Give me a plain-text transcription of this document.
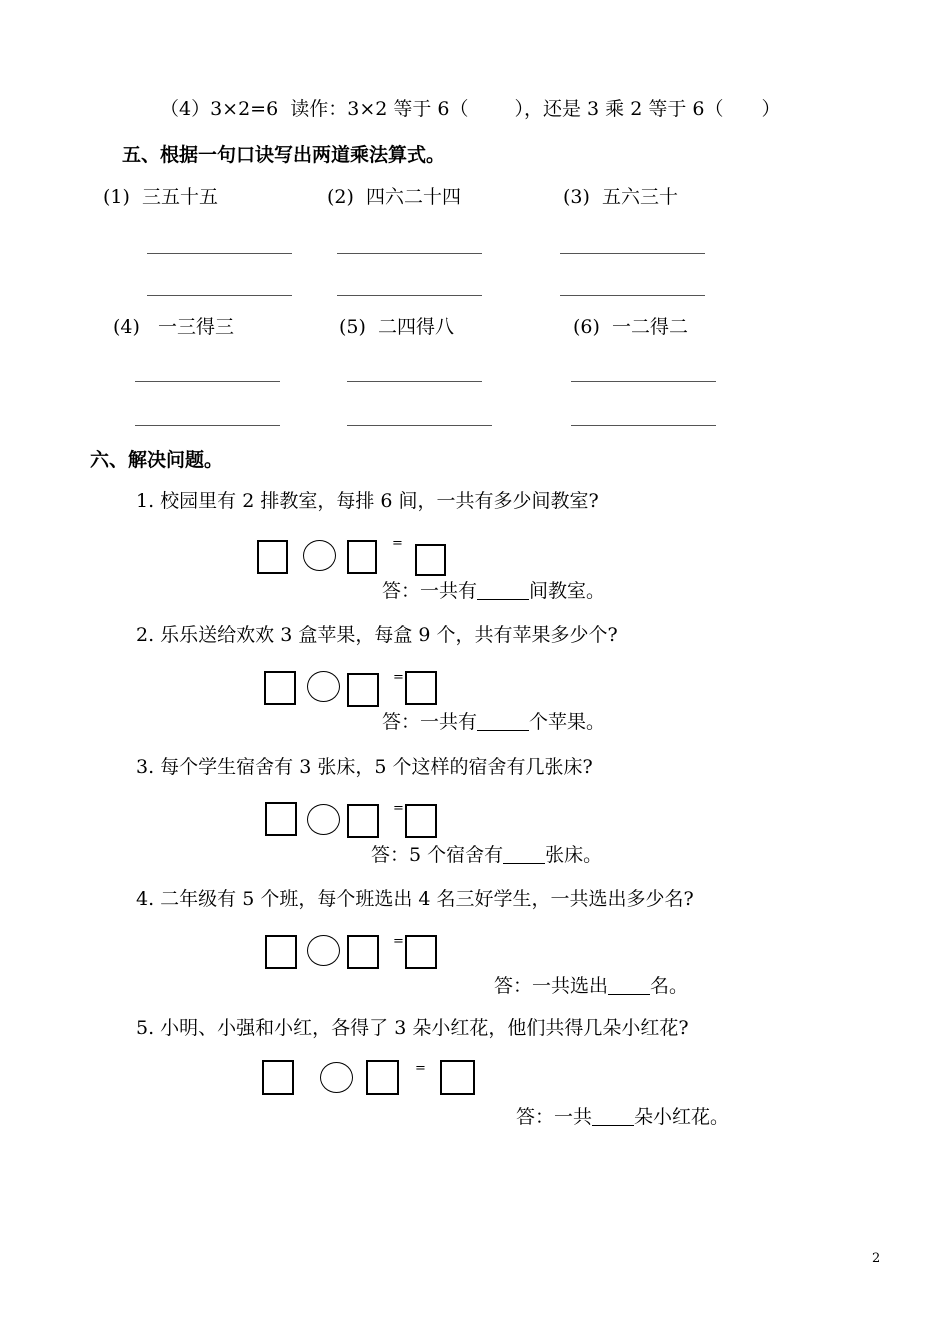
（4）3×2=6 读作：3×2 等于 6（ ），还是 3 乘 2 等于 6（ ）
五、根据一句口诀写出两道乘法算式。
(1) 三五十五	(2) 四六二十四	(3) 五六三十
(4) 一三得三	(5) 二四得八	(6) 一二得二
六、解决问题。
1. 校园里有 2 排教室，每排 6 间，一共有多少间教室?
=
答：一共有	间教室。
2. 乐乐送给欢欢 3 盒苹果，每盒 9 个，共有苹果多少个?
=
答：一共有	个苹果。
3. 每个学生宿舍有 3 张床，5 个这样的宿舍有几张床?
=
答：5 个宿舍有 张床。
4. 二年级有 5 个班，每个班选出 4 名三好学生，一共选出多少名?
=
答：一共选出 名。
5. 小明、小强和小红，各得了 3 朵小红花，他们共得几朵小红花?
=
答：一共 朵小红花。
2
